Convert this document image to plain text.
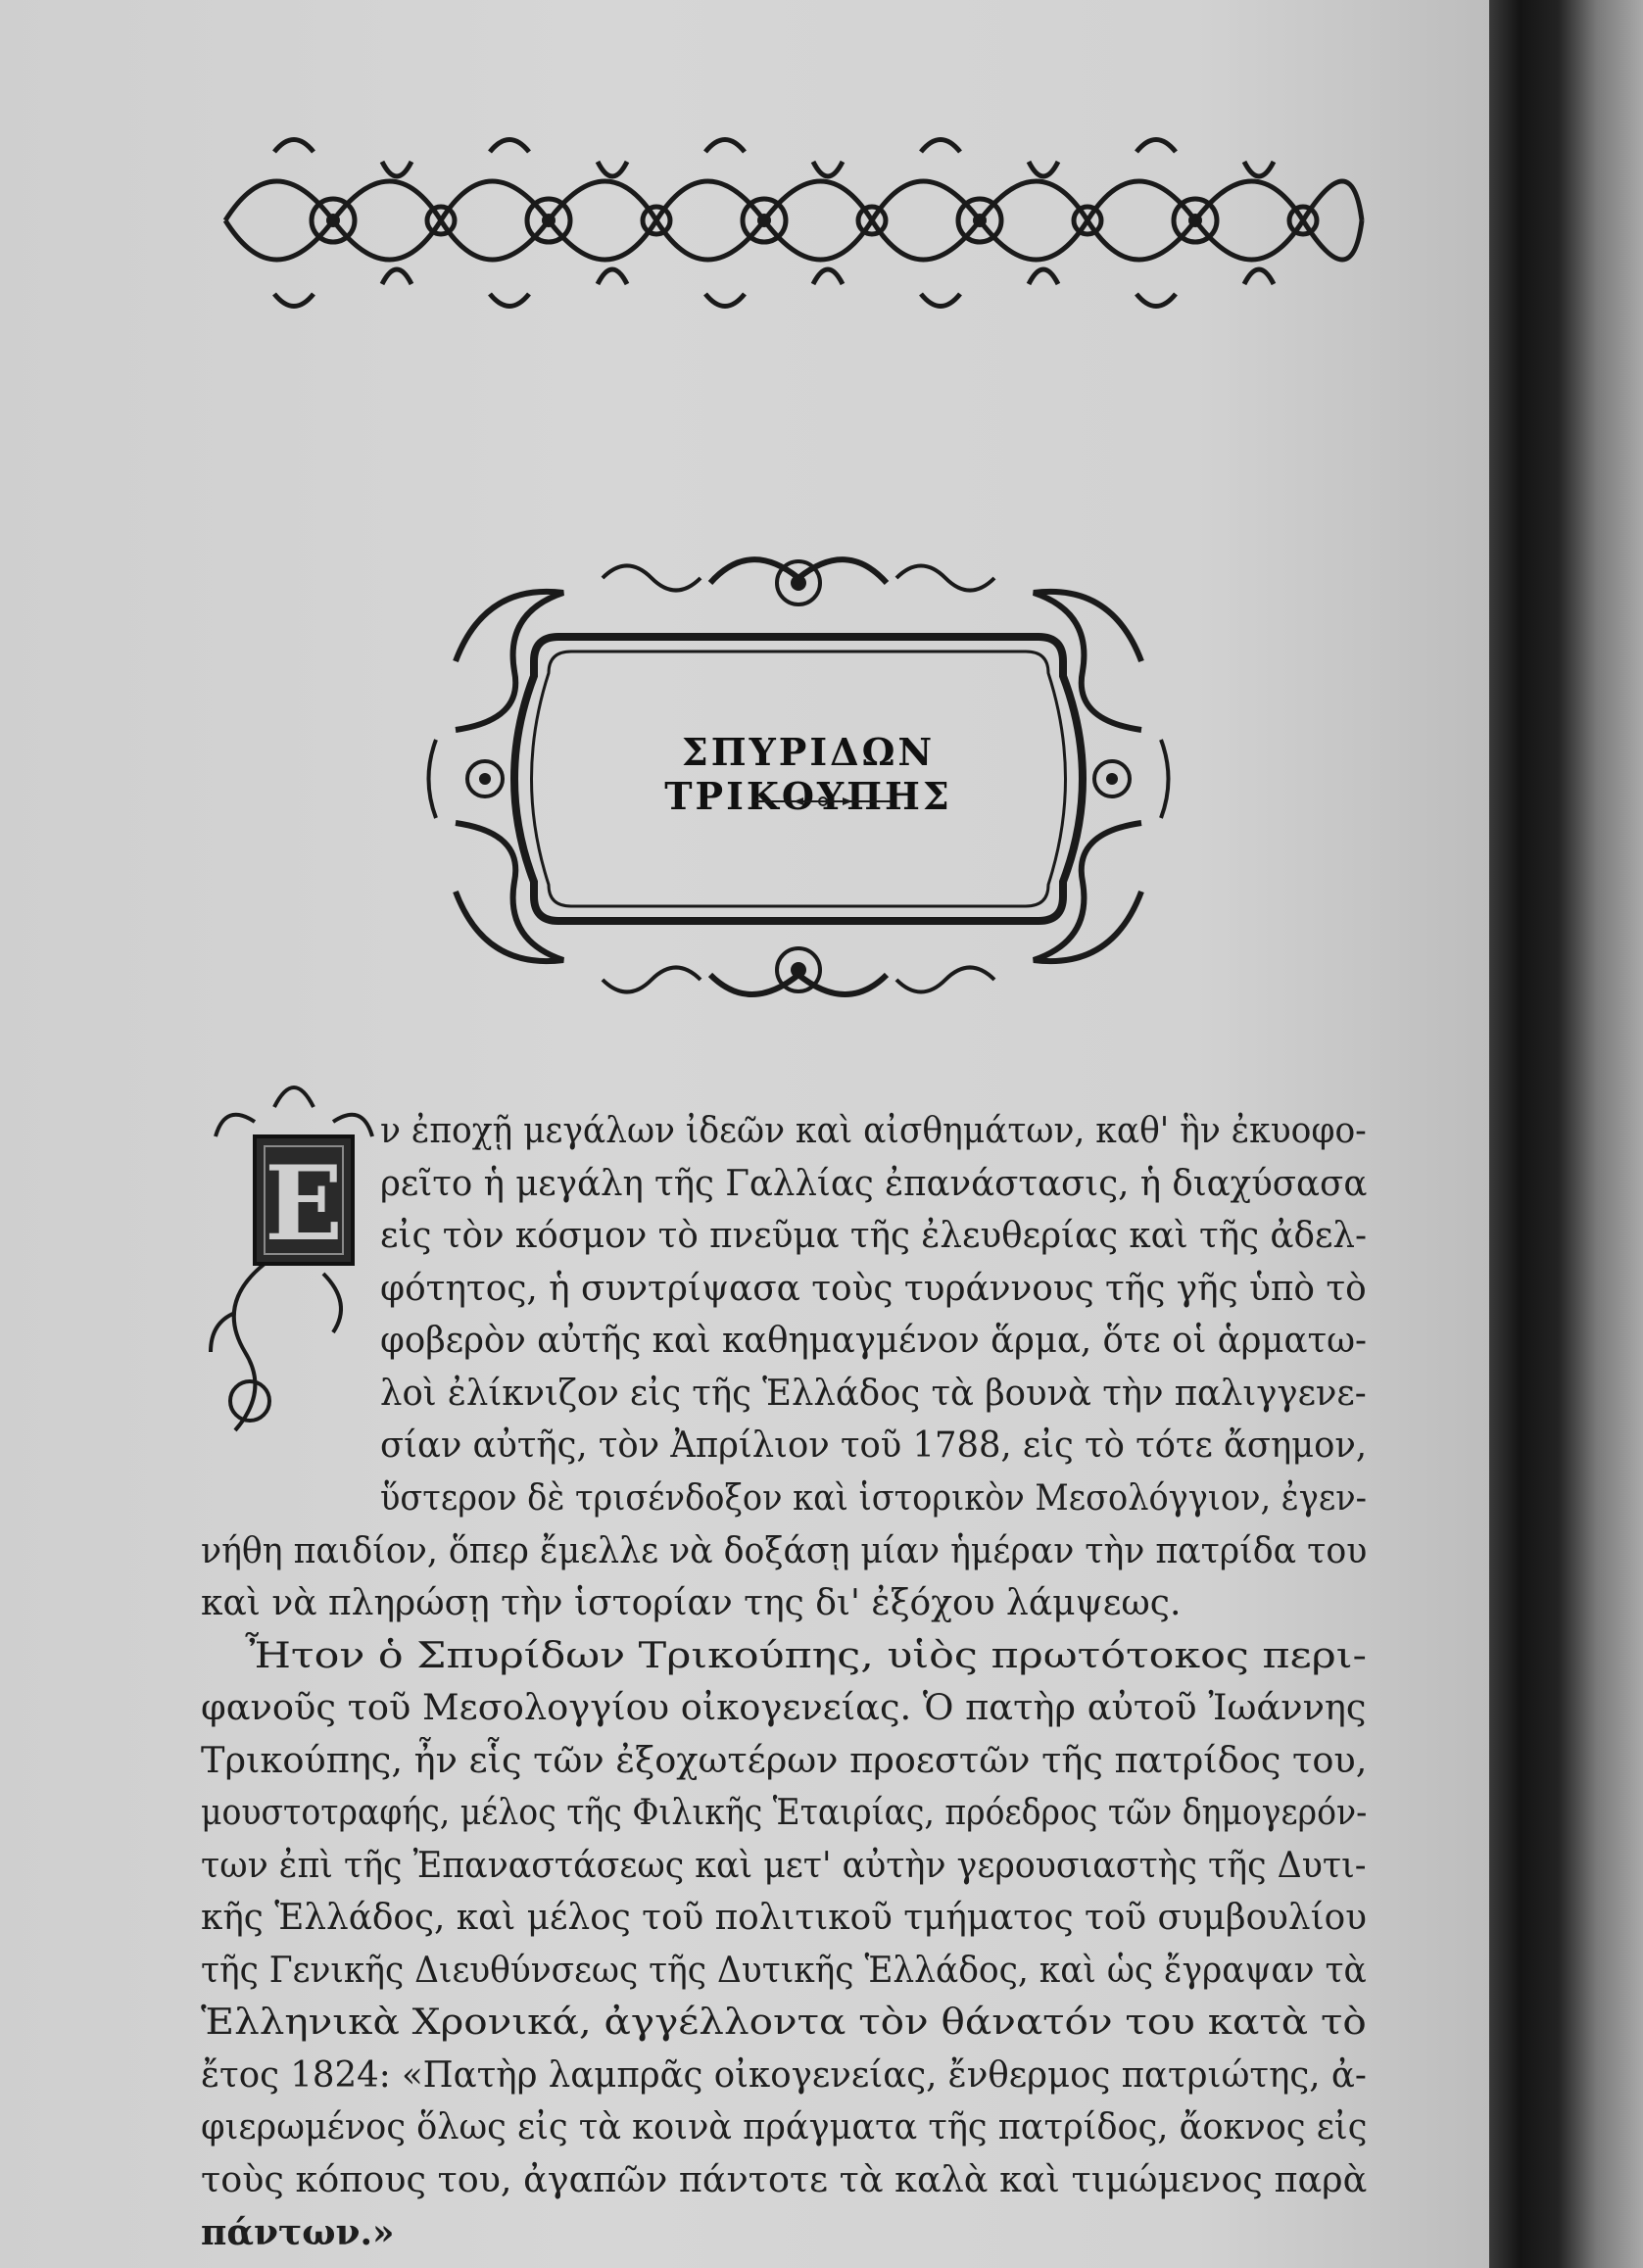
ΣΠΥΡΙΔΩΝ ΤΡΙΚΟΥΠΗΣ
E
ν ἐποχῇ μεγάλων ἰδεῶν καὶ αἰσθημάτων, καθ' ἣν ἐκυοφο-
ρεῖτο ἡ μεγάλη τῆς Γαλλίας ἐπανάστασις, ἡ διαχύσασα
εἰς τὸν κόσμον τὸ πνεῦμα τῆς ἐλευθερίας καὶ τῆς ἀδελ-
φότητος, ἡ συντρίψασα τοὺς τυράννους τῆς γῆς ὑπὸ τὸ
φοβερὸν αὐτῆς καὶ καθημαγμένον ἅρμα, ὅτε οἱ ἁρματω-
λοὶ ἐλίκνιζον εἰς τῆς Ἑλλάδος τὰ βουνὰ τὴν παλιγγενε-
σίαν αὐτῆς, τὸν Ἀπρίλιον τοῦ 1788, εἰς τὸ τότε ἄσημον,
ὕστερον δὲ τρισένδοξον καὶ ἱστορικὸν Μεσολόγγιον, ἐγεν-
νήθη παιδίον, ὅπερ ἔμελλε νὰ δοξάσῃ μίαν ἡμέραν τὴν πατρίδα του
καὶ νὰ πληρώσῃ τὴν ἱστορίαν της δι' ἐξόχου λάμψεως.
Ἦτον ὁ Σπυρίδων Τρικούπης, υἱὸς πρωτότοκος περι-
φανοῦς τοῦ Μεσολογγίου οἰκογενείας. Ὁ πατὴρ αὐτοῦ Ἰωάννης
Τρικούπης, ἦν εἷς τῶν ἐξοχωτέρων προεστῶν τῆς πατρίδος του,
μουστοτραφής, μέλος τῆς Φιλικῆς Ἑταιρίας, πρόεδρος τῶν δημογερόν-
των ἐπὶ τῆς Ἐπαναστάσεως καὶ μετ' αὐτὴν γερουσιαστὴς τῆς Δυτι-
κῆς Ἑλλάδος, καὶ μέλος τοῦ πολιτικοῦ τμήματος τοῦ συμβουλίου
τῆς Γενικῆς Διευθύνσεως τῆς Δυτικῆς Ἑλλάδος, καὶ ὡς ἔγραψαν τὰ
Ἑλληνικὰ Χρονικά, ἀγγέλλοντα τὸν θάνατόν του κατὰ τὸ
ἔτος 1824: «Πατὴρ λαμπρᾶς οἰκογενείας, ἔνθερμος πατριώτης, ἀ-
φιερωμένος ὅλως εἰς τὰ κοινὰ πράγματα τῆς πατρίδος, ἄοκνος εἰς
τοὺς κόπους του, ἀγαπῶν πάντοτε τὰ καλὰ καὶ τιμώμενος παρὰ
πάντων.»
